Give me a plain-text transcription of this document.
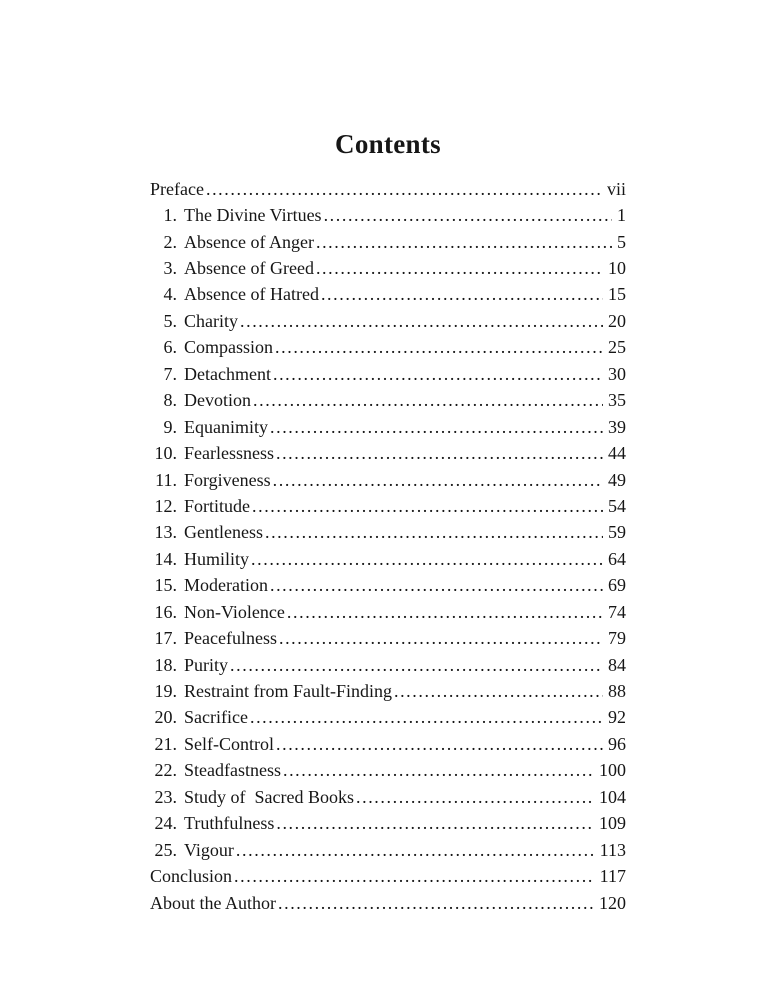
Contents
Preface .....	vii
1. The Divine Virtues .....	1
2. Absence of Anger .....	5
3. Absence of Greed .....	10
4. Absence of Hatred .....	15
5. Charity .....	20
6. Compassion .....	25
7. Detachment .....	30
8. Devotion .....	35
9. Equanimity .....	39
10. Fearlessness .....	44
11. Forgiveness .....	49
12. Fortitude .....	54
13. Gentleness .....	59
14. Humility .....	64
15. Moderation .....	69
16. Non-Violence .....	74
17. Peacefulness .....	79
18. Purity .....	84
19. Restraint from Fault-Finding .....	88
20. Sacrifice .....	92
21. Self-Control .....	96
22. Steadfastness .....	100
23. Study of  Sacred Books .....	104
24. Truthfulness .....	109
25. Vigour .....	113
Conclusion .....	117
About the Author .....	120
